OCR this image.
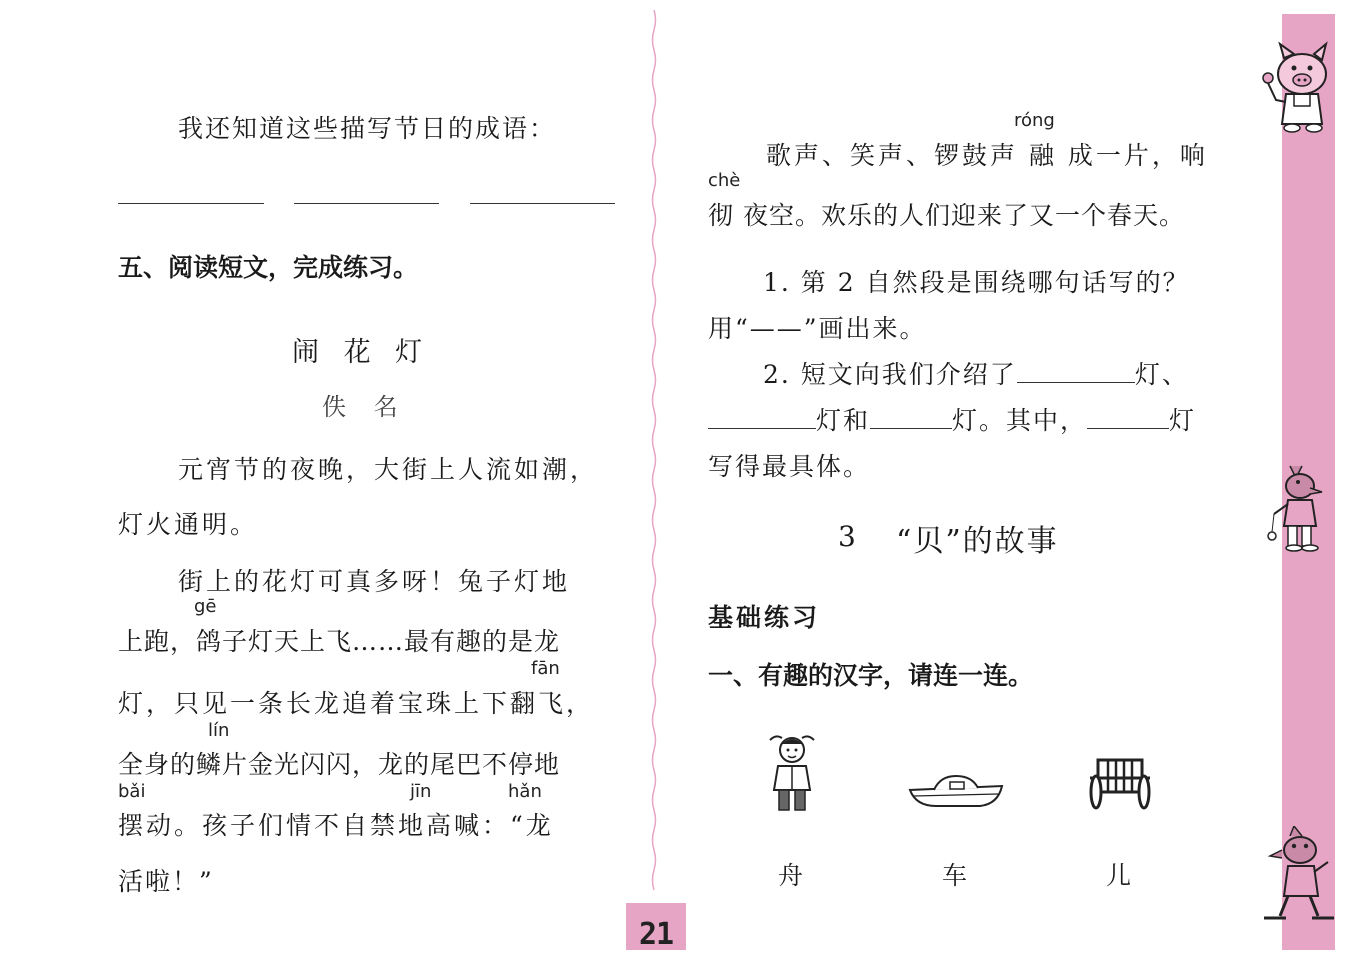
我还知道这些描写节日的成语：
五、阅读短文，完成练习。
闹 花 灯
佚 名
元宵节的夜晚，大街上人流如潮，
灯火通明。
街上的花灯可真多呀！兔子灯地
gē
上跑，鸽子灯天上飞……最有趣的是龙
fān
灯，只见一条长龙追着宝珠上下翻飞，
lín
全身的鳞片金光闪闪，龙的尾巴不停地
bǎi	jīn	hǎn
摆动。孩子们情不自禁地高喊：“龙
活啦！”
21
róng
歌声、笑声、锣鼓声 融 成一片，响
chè
彻 夜空。欢乐的人们迎来了又一个春天。
1. 第 2 自然段是围绕哪句话写的？
用“——”画出来。
2. 短文向我们介绍了	灯、
灯和	灯。其中，	灯
写得最具体。
3 “贝”的故事
基础练习
一、有趣的汉字，请连一连。
舟	车	儿
